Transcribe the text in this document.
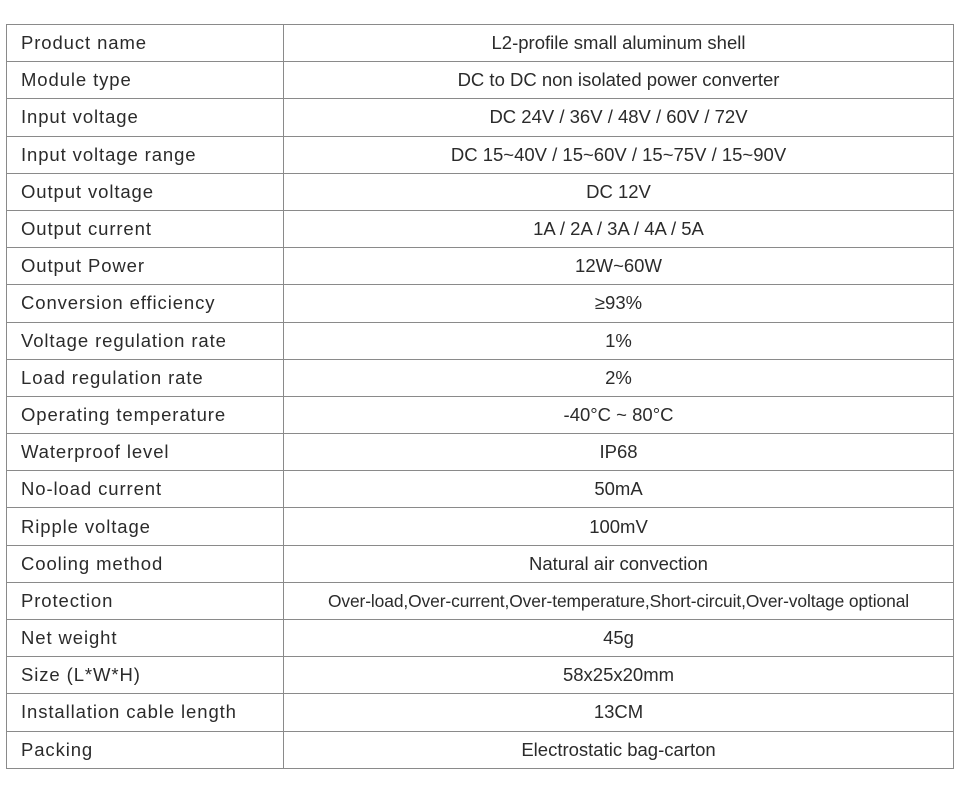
Product name	L2-profile small aluminum shell
Module type	DC to DC non isolated power converter
Input voltage	DC 24V / 36V / 48V / 60V / 72V
Input voltage range	DC 15~40V / 15~60V / 15~75V / 15~90V
Output voltage	DC 12V
Output current	1A / 2A / 3A / 4A / 5A
Output Power	12W~60W
Conversion efficiency	≥93%
Voltage regulation rate	1%
Load regulation rate	2%
Operating temperature	-40°C ~ 80°C
Waterproof level	IP68
No-load current	50mA
Ripple voltage	100mV
Cooling method	Natural air convection
Protection	Over-load,Over-current,Over-temperature,Short-circuit,Over-voltage optional
Net weight	45g
Size (L*W*H)	58x25x20mm
Installation cable length	13CM
Packing	Electrostatic bag-carton
